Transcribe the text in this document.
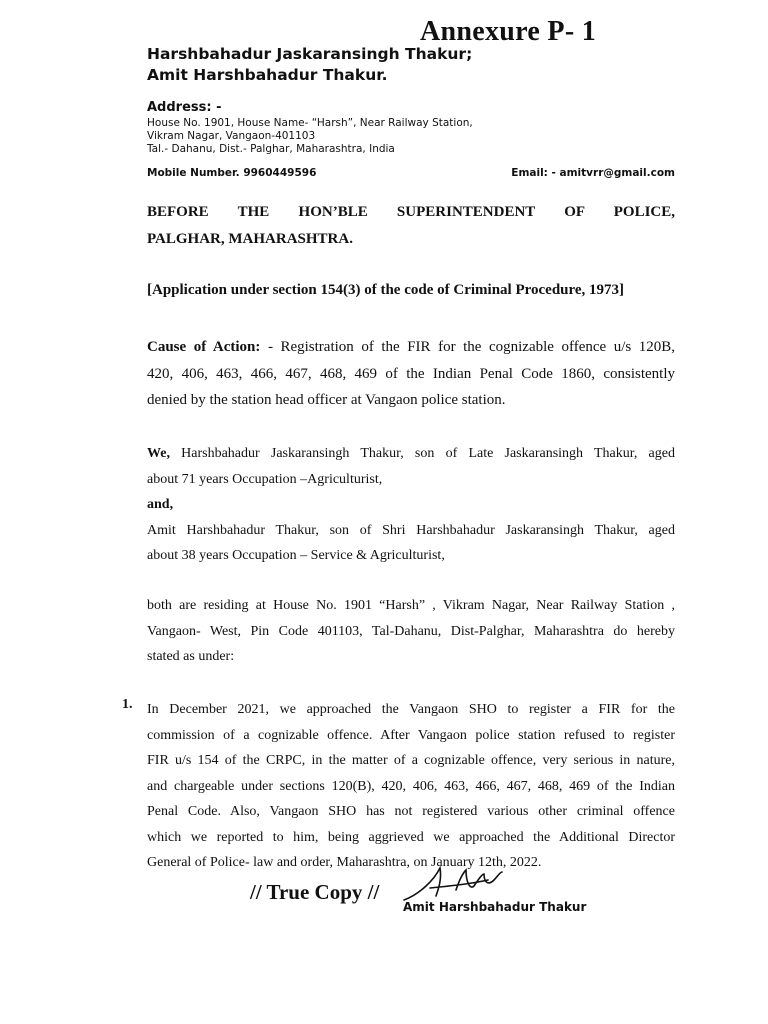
Annexure P- 1
Harshbahadur Jaskaransingh Thakur;
Amit Harshbahadur Thakur.
Address: -
House No. 1901, House Name- “Harsh”, Near Railway Station,
Vikram Nagar, Vangaon-401103
Tal.- Dahanu, Dist.- Palghar, Maharashtra, India
Mobile Number. 9960449596	Email: - amitvrr@gmail.com
BEFORE THE HON’BLE SUPERINTENDENT OF POLICE,
PALGHAR, MAHARASHTRA.
[Application under section 154(3) of the code of Criminal Procedure, 1973]
Cause of Action: - Registration of the FIR for the cognizable offence u/s 120B,
420, 406, 463, 466, 467, 468, 469 of the Indian Penal Code 1860, consistently
denied by the station head officer at Vangaon police station.
We, Harshbahadur Jaskaransingh Thakur, son of Late Jaskaransingh Thakur, aged
about 71 years Occupation –Agriculturist,
and,
Amit Harshbahadur Thakur, son of Shri Harshbahadur Jaskaransingh Thakur, aged
about 38 years Occupation – Service & Agriculturist,
both are residing at House No. 1901 “Harsh” , Vikram Nagar, Near Railway Station ,
Vangaon- West, Pin Code 401103, Tal-Dahanu, Dist-Palghar, Maharashtra do hereby
stated as under:
1. In December 2021, we approached the Vangaon SHO to register a FIR for the
commission of a cognizable offence. After Vangaon police station refused to register
FIR u/s 154 of the CRPC, in the matter of a cognizable offence, very serious in nature,
and chargeable under sections 120(B), 420, 406, 463, 466, 467, 468, 469 of the Indian
Penal Code. Also, Vangaon SHO has not registered various other criminal offence
which we reported to him, being aggrieved we approached the Additional Director
General of Police- law and order, Maharashtra, on January 12th, 2022.
// True Copy //
Amit Harshbahadur Thakur
